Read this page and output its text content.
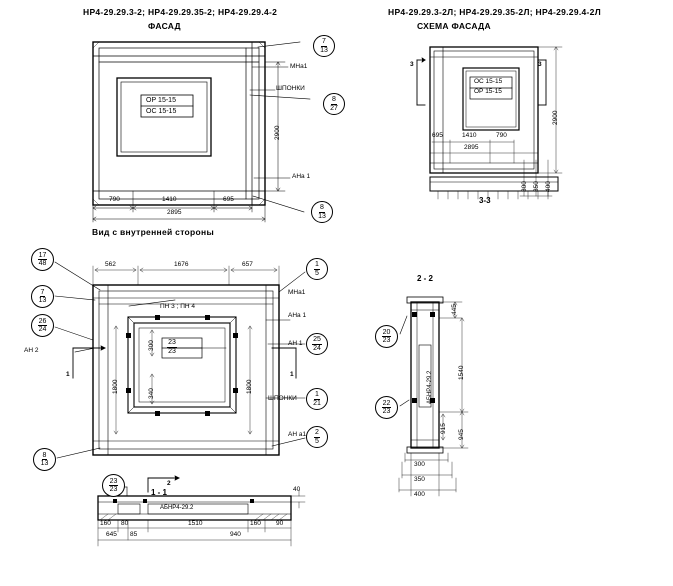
НР4-29.29.3-2; НР4-29.29.35-2; НР4-29.29.4-2
ФАСАД
НР4-29.29.3-2Л; НР4-29.29.35-2Л; НР4-29.29.4-2Л
СХЕМА ФАСАДА
Вид с внутренней стороны
2 - 2
1 - 1
3-3
ОР 15-15
ОС 15-15
790	1410	695
2895
2900
МНа1
ШПОНКИ
АНа 1
ОС 15-15
ОР 15-15
695	1410	790
2895
2900
3	3
300 350 400
562	1676	657
ПН 3 ; ПН 4
1800	1800
300
340
МНа1
АНа 1
АН 1
АН 2
ШПОНКИ
АН а1
1	1	АБНР4-29.2
445
1540
945
915
300
350
400
АБНР4-29.2
160 80	1510	160 90
645 85	940
40
2
$\frac{7}{13}$
$\frac{8}{27}$
$\frac{8}{13}$
$\frac{17}{48}$
$\frac{7}{13}$
$\frac{26}{24}$
$\frac{8}{13}$
$\frac{1}{5}$
$\frac{25}{24}$
$\frac{1}{21}$
$\frac{2}{5}$
$\frac{23}{23}$
$\frac{23}{23}$	$\frac{20}{23}$
$\frac{22}{23}$
